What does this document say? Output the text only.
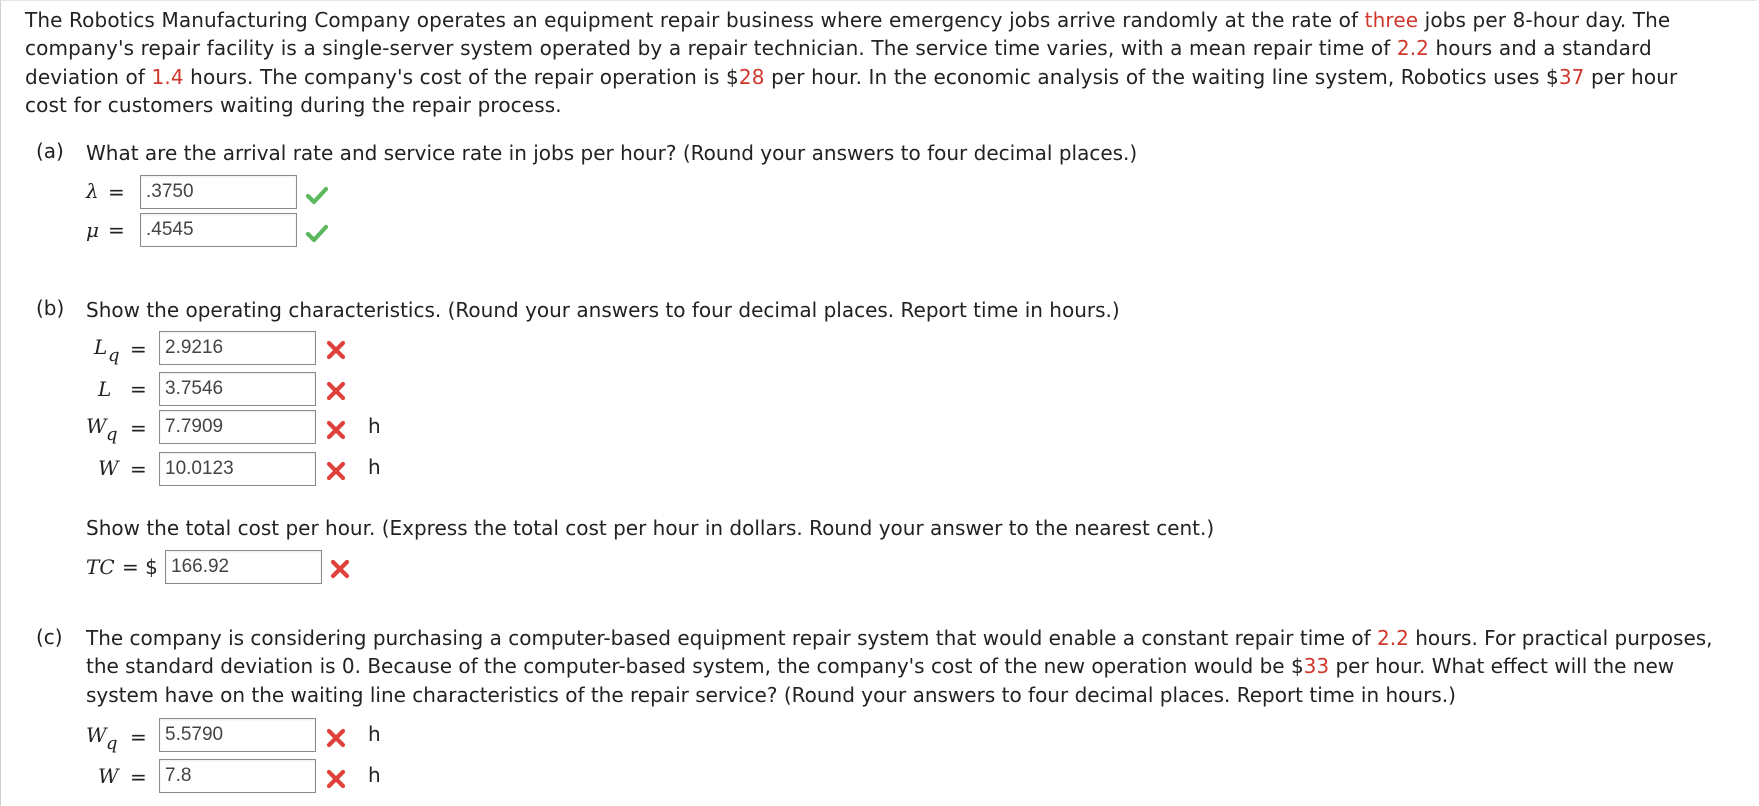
The Robotics Manufacturing Company operates an equipment repair business where emergency jobs arrive randomly at the rate of three jobs per 8-hour day. The company's repair facility is a single-server system operated by a repair technician. The service time varies, with a mean repair time of 2.2 hours and a standard deviation of 1.4 hours. The company's cost of the repair operation is $28 per hour. In the economic analysis of the waiting line system, Robotics uses $37 per hour cost for customers waiting during the repair process.
(a) What are the arrival rate and service rate in jobs per hour? (Round your answers to four decimal places.)
λ =
.3750
μ =
.4545
(b) Show the operating characteristics. (Round your answers to four decimal places. Report time in hours.)
L q =
2.9216
L =
3.7546
W q =
7.7909	h
W =
10.0123	h
Show the total cost per hour. (Express the total cost per hour in dollars. Round your answer to the nearest cent.)
TC = $
166.92
(c) The company is considering purchasing a computer-based equipment repair system that would enable a constant repair time of 2.2 hours. For practical purposes, the standard deviation is 0. Because of the computer-based system, the company's cost of the new operation would be $33 per hour. What effect will the new system have on the waiting line characteristics of the repair service? (Round your answers to four decimal places. Report time in hours.)
W q =
5.5790	h
W =
7.8	h
